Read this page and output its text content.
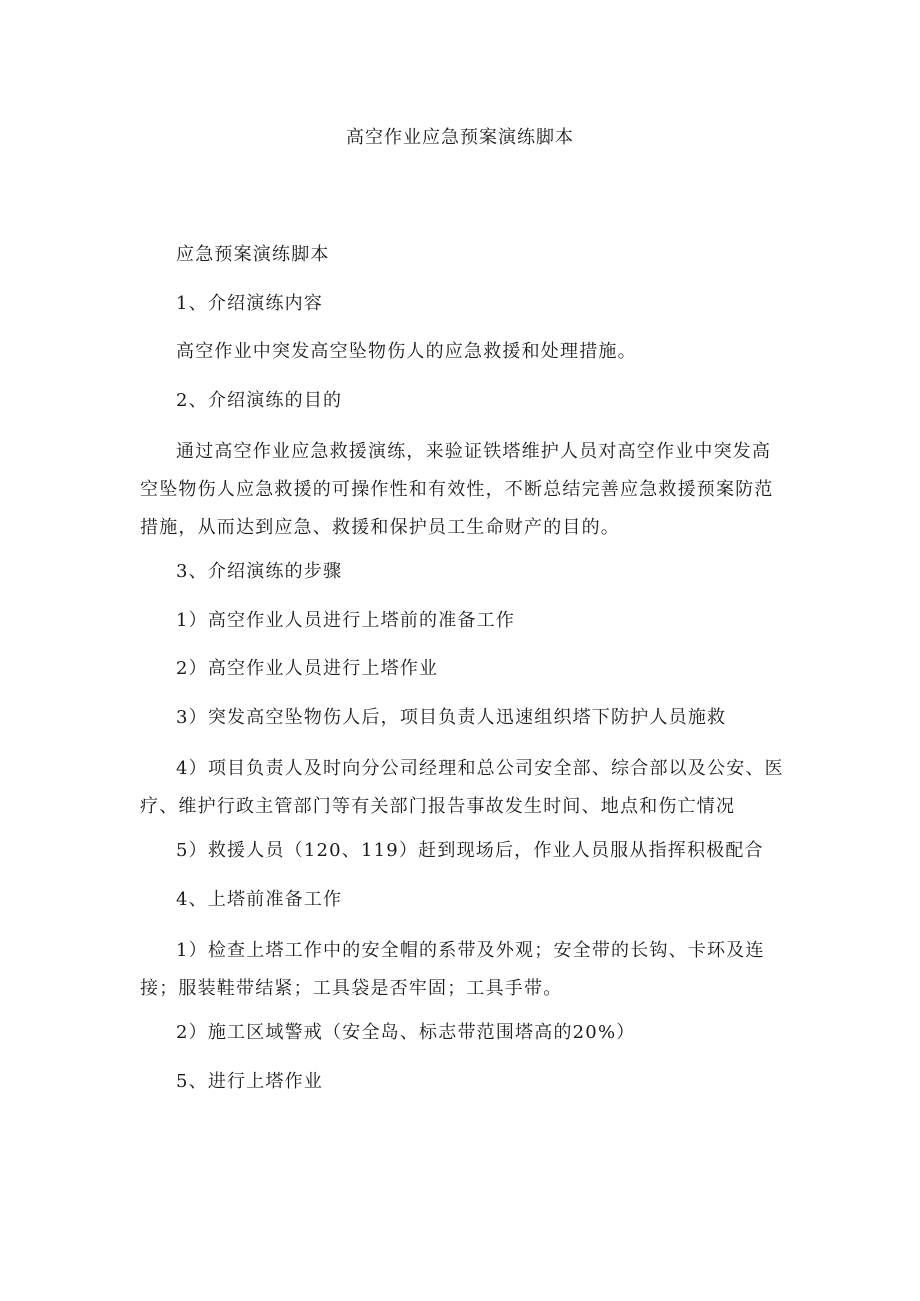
高空作业应急预案演练脚本

应急预案演练脚本

1、介绍演练内容

高空作业中突发高空坠物伤人的应急救援和处理措施。

2、介绍演练的目的

通过高空作业应急救援演练，来验证铁塔维护人员对高空作业中突发高空坠物伤人应急救援的可操作性和有效性，不断总结完善应急救援预案防范措施，从而达到应急、救援和保护员工生命财产的目的。

3、介绍演练的步骤

1）高空作业人员进行上塔前的准备工作

2）高空作业人员进行上塔作业

3）突发高空坠物伤人后，项目负责人迅速组织塔下防护人员施救

4）项目负责人及时向分公司经理和总公司安全部、综合部以及公安、医疗、维护行政主管部门等有关部门报告事故发生时间、地点和伤亡情况

5）救援人员（120、119）赶到现场后，作业人员服从指挥积极配合

4、上塔前准备工作

1）检查上塔工作中的安全帽的系带及外观；安全带的长钩、卡环及连接；服装鞋带结紧；工具袋是否牢固；工具手带。

2）施工区域警戒（安全岛、标志带范围塔高的20%）

5、进行上塔作业
